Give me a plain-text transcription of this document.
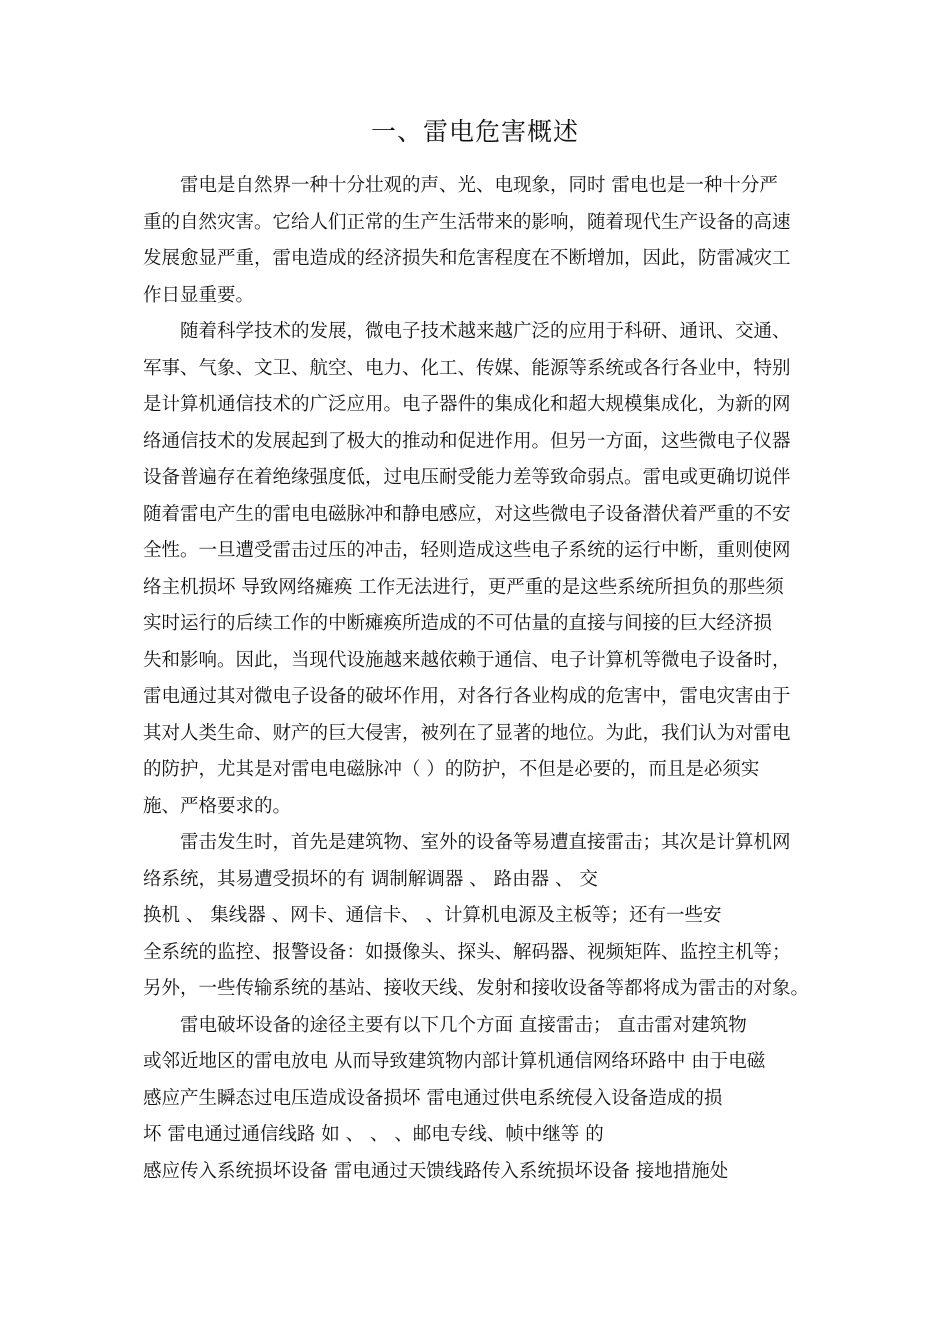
一、雷电危害概述
雷电是自然界一种十分壮观的声、光、电现象，同时 雷电也是一种十分严
重的自然灾害。它给人们正常的生产生活带来的影响，随着现代生产设备的高速
发展愈显严重，雷电造成的经济损失和危害程度在不断增加，因此，防雷减灾工
作日显重要。
随着科学技术的发展，微电子技术越来越广泛的应用于科研、通讯、交通、
军事、气象、文卫、航空、电力、化工、传媒、能源等系统或各行各业中，特别
是计算机通信技术的广泛应用。电子器件的集成化和超大规模集成化，为新的网
络通信技术的发展起到了极大的推动和促进作用。但另一方面，这些微电子仪器
设备普遍存在着绝缘强度低，过电压耐受能力差等致命弱点。雷电或更确切说伴
随着雷电产生的雷电电磁脉冲和静电感应，对这些微电子设备潜伏着严重的不安
全性。一旦遭受雷击过压的冲击，轻则造成这些电子系统的运行中断，重则使网
络主机损坏 导致网络瘫痪 工作无法进行，更严重的是这些系统所担负的那些须
实时运行的后续工作的中断瘫痪所造成的不可估量的直接与间接的巨大经济损
失和影响。因此，当现代设施越来越依赖于通信、电子计算机等微电子设备时，
雷电通过其对微电子设备的破坏作用，对各行各业构成的危害中，雷电灾害由于
其对人类生命、财产的巨大侵害，被列在了显著的地位。为此，我们认为对雷电
的防护，尤其是对雷电电磁脉冲（ ）的防护，不但是必要的，而且是必须实
施、严格要求的。
雷击发生时，首先是建筑物、室外的设备等易遭直接雷击；其次是计算机网
络系统，其易遭受损坏的有 调制解调器 、 路由器 、 交
换机 、 集线器 、网卡、通信卡、 、计算机电源及主板等；还有一些安
全系统的监控、报警设备：如摄像头、探头、解码器、视频矩阵、监控主机等；
另外，一些传输系统的基站、接收天线、发射和接收设备等都将成为雷击的对象。
雷电破坏设备的途径主要有以下几个方面 直接雷击； 直击雷对建筑物
或邻近地区的雷电放电 从而导致建筑物内部计算机通信网络环路中 由于电磁
感应产生瞬态过电压造成设备损坏 雷电通过供电系统侵入设备造成的损
坏 雷电通过通信线路 如 、 、 、邮电专线、帧中继等 的
感应传入系统损坏设备 雷电通过天馈线路传入系统损坏设备 接地措施处
